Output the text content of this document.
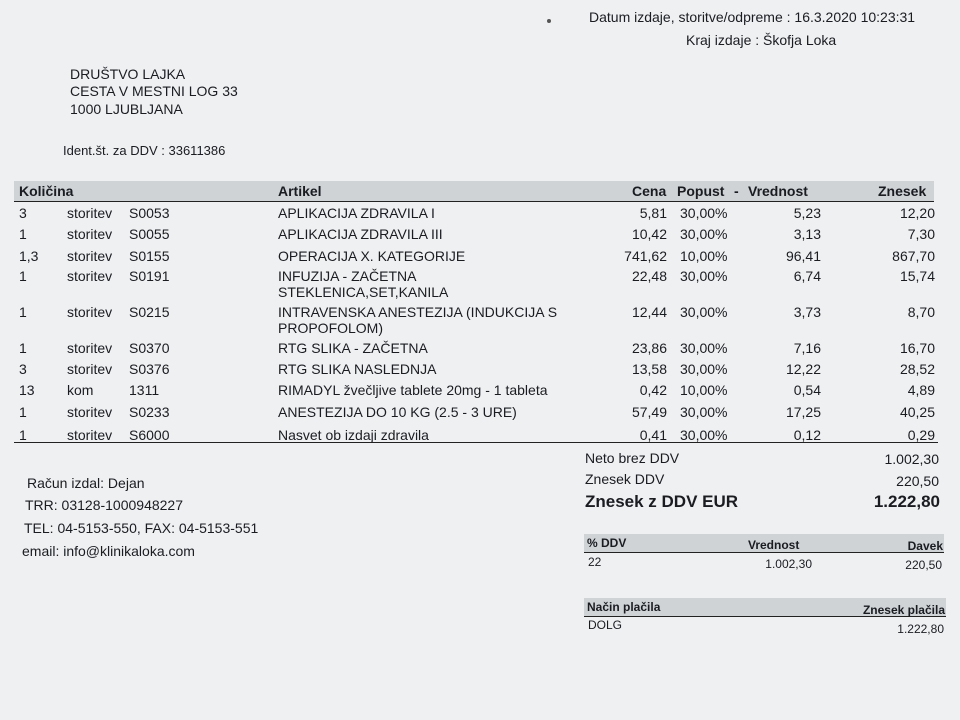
Datum izdaje, storitve/odpreme : 16.3.2020 10:23:31
Kraj izdaje : Škofja Loka
DRUŠTVO LAJKA
CESTA V MESTNI LOG 33
1000 LJUBLJANA
Ident.št. za DDV : 33611386
Količina	Artikel	Cena Popust - Vrednost	Znesek
3	storitev S0053	APLIKACIJA ZDRAVILA I	5,81 30,00%	5,23	12,20
1	storitev S0055	APLIKACIJA ZDRAVILA III	10,42 30,00%	3,13	7,30
1,3 storitev S0155	OPERACIJA X. KATEGORIJE	741,62 10,00%	96,41	867,70
1	storitev S0191	INFUZIJA - ZAČETNA	22,48 30,00%	6,74	15,74
STEKLENICA,SET,KANILA
1	storitev S0215	INTRAVENSKA ANESTEZIJA (INDUKCIJA S	12,44 30,00%	3,73	8,70
PROPOFOLOM)
1	storitev S0370	RTG SLIKA - ZAČETNA	23,86 30,00%	7,16	16,70
3	storitev S0376	RTG SLIKA NASLEDNJA	13,58 30,00%	12,22	28,52
13 kom	1311	RIMADYL žvečljive tablete 20mg - 1 tableta	0,42 10,00%	0,54	4,89
1	storitev S0233	ANESTEZIJA DO 10 KG (2.5 - 3 URE)	57,49 30,00%	17,25	40,25
1	storitev S6000	Nasvet ob izdaji zdravila	0,41 30,00%	0,12	0,29
Neto brez DDV	1.002,30
Znesek DDV	220,50
Znesek z DDV EUR	1.222,80
Račun izdal: Dejan
TRR: 03128-1000948227
TEL: 04-5153-550, FAX: 04-5153-551
email: info@klinikaloka.com	% DDV	Vrednost	Davek
22	1.002,30	220,50
Način plačila	Znesek plačila
DOLG	1.222,80
